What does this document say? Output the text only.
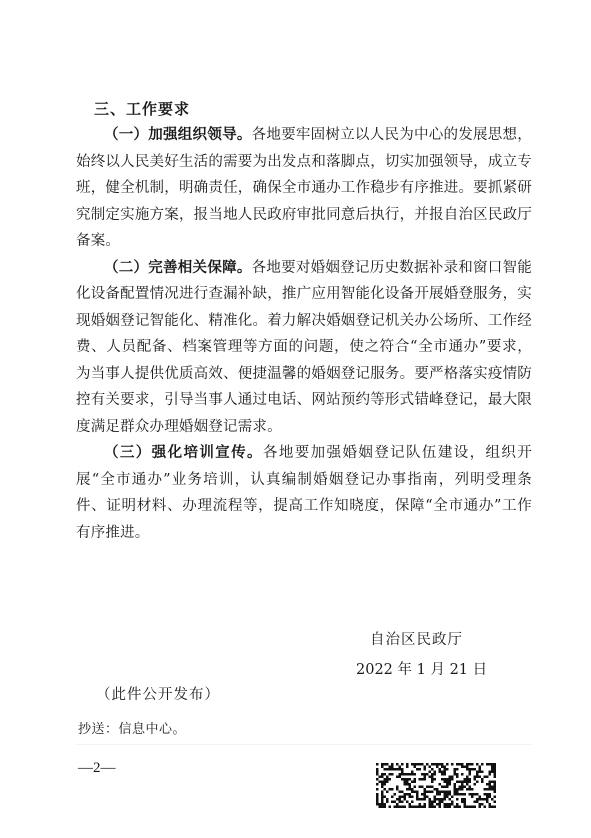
三、工作要求

（一）加强组织领导。各地要牢固树立以人民为中心的发展思想，始终以人民美好生活的需要为出发点和落脚点，切实加强领导，成立专班，健全机制，明确责任，确保全市通办工作稳步有序推进。要抓紧研究制定实施方案，报当地人民政府审批同意后执行，并报自治区民政厅备案。

（二）完善相关保障。各地要对婚姻登记历史数据补录和窗口智能化设备配置情况进行查漏补缺，推广应用智能化设备开展婚登服务，实现婚姻登记智能化、精准化。着力解决婚姻登记机关办公场所、工作经费、人员配备、档案管理等方面的问题，使之符合“全市通办”要求，为当事人提供优质高效、便捷温馨的婚姻登记服务。要严格落实疫情防控有关要求，引导当事人通过电话、网站预约等形式错峰登记，最大限度满足群众办理婚姻登记需求。

（三）强化培训宣传。各地要加强婚姻登记队伍建设，组织开展“全市通办”业务培训，认真编制婚姻登记办事指南，列明受理条件、证明材料、办理流程等，提高工作知晓度，保障“全市通办”工作有序推进。

自治区民政厅
2022 年 1 月 21 日
（此件公开发布）
抄送：信息中心。
—2—
